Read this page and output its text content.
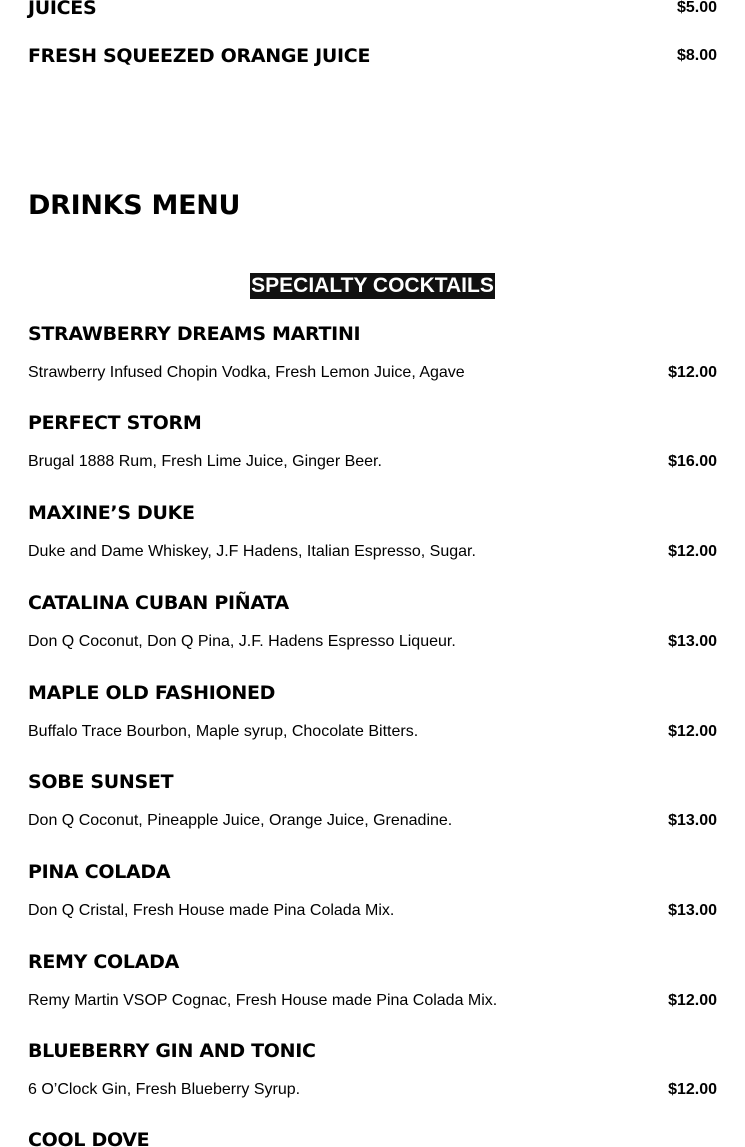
JUICES	$5.00
FRESH SQUEEZED ORANGE JUICE	$8.00
DRINKS MENU
SPECIALTY COCKTAILS
STRAWBERRY DREAMS MARTINI
Strawberry Infused Chopin Vodka, Fresh Lemon Juice, Agave	$12.00
PERFECT STORM
Brugal 1888 Rum, Fresh Lime Juice, Ginger Beer.	$16.00
MAXINE’S DUKE
Duke and Dame Whiskey, J.F Hadens, Italian Espresso, Sugar.	$12.00
CATALINA CUBAN PIÑATA
Don Q Coconut, Don Q Pina, J.F. Hadens Espresso Liqueur.	$13.00
MAPLE OLD FASHIONED
Buffalo Trace Bourbon, Maple syrup, Chocolate Bitters.	$12.00
SOBE SUNSET
Don Q Coconut, Pineapple Juice, Orange Juice, Grenadine.	$13.00
PINA COLADA
Don Q Cristal, Fresh House made Pina Colada Mix.	$13.00
REMY COLADA
Remy Martin VSOP Cognac, Fresh House made Pina Colada Mix.	$12.00
BLUEBERRY GIN AND TONIC
6 O’Clock Gin, Fresh Blueberry Syrup.	$12.00
COOL DOVE
